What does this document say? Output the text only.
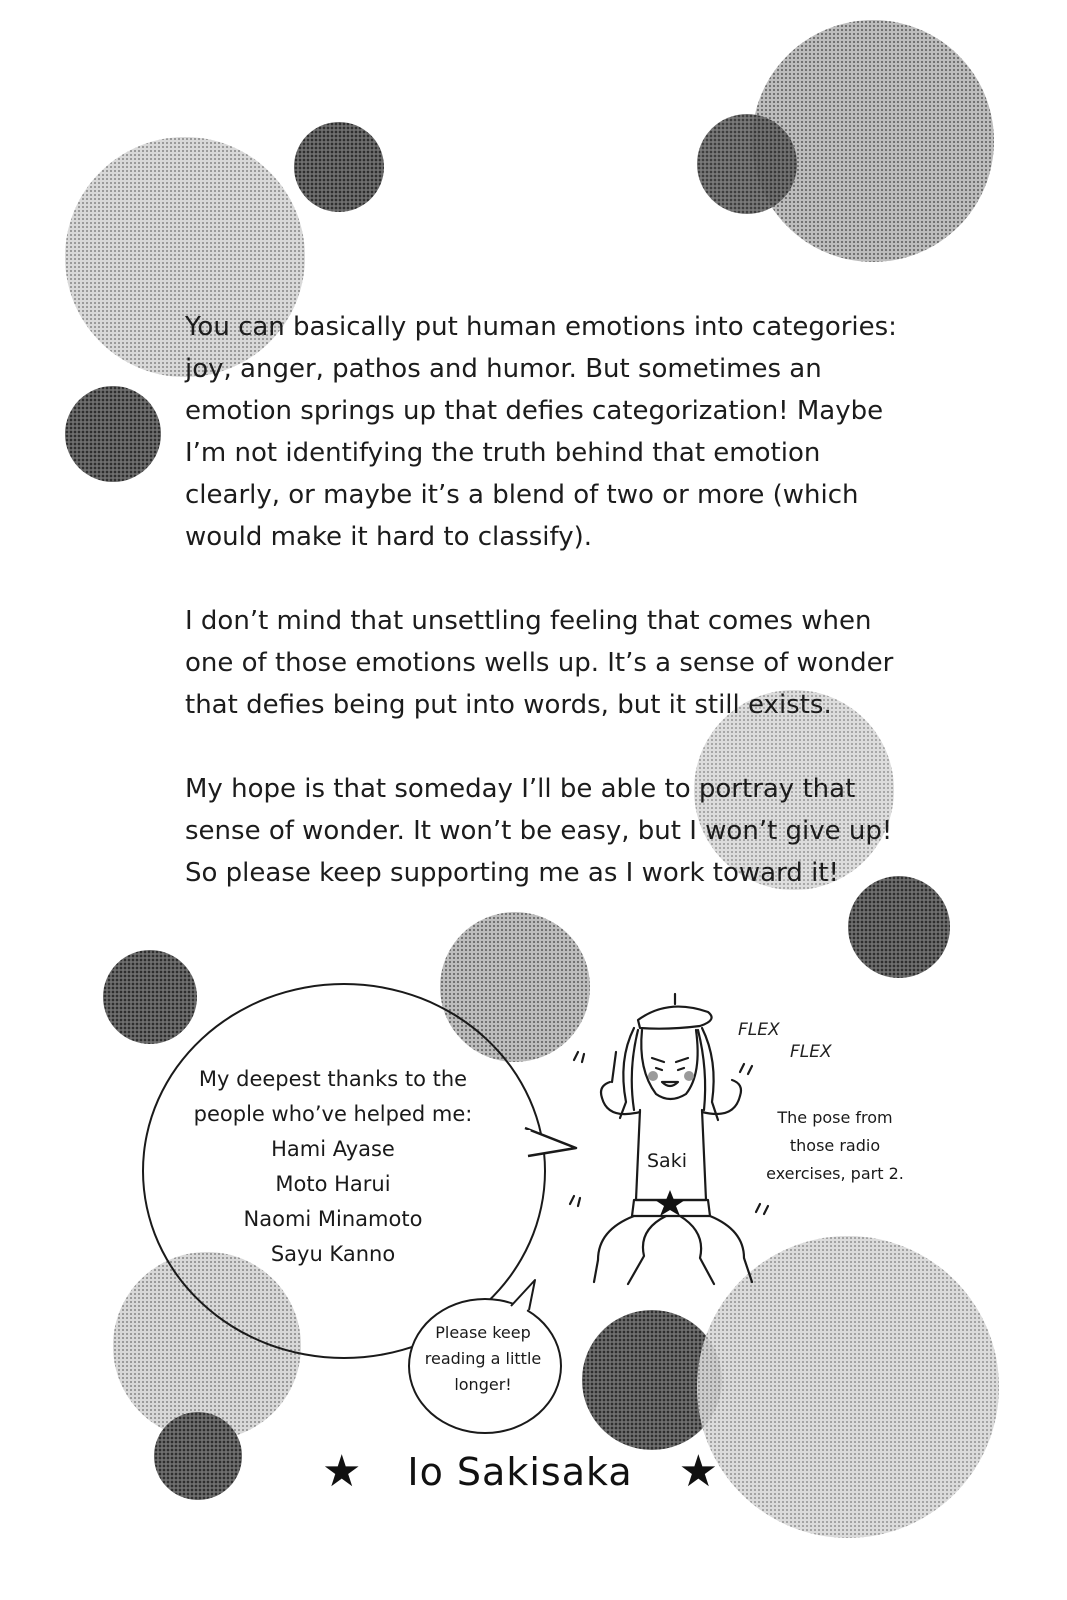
You can basically put human emotions into categories: joy, anger, pathos and humor. But sometimes an emotion springs up that defies categorization! Maybe I’m not identifying the truth behind that emotion clearly, or maybe it’s a blend of two or more (which would make it hard to classify).

I don’t mind that unsettling feeling that comes when one of those emotions wells up. It’s a sense of wonder that defies being put into words, but it still exists.

My hope is that someday I’ll be able to portray that sense of wonder. It won’t be easy, but I won’t give up! So please keep supporting me as I work toward it!

My deepest thanks to the
people who’ve helped me:
Hami Ayase
Moto Harui
Naomi Minamoto
Sayu Kanno
Please keep
reading a little
longer!
Saki
FLEX
FLEX
The pose from
those radio
exercises, part 2.
★ Io Sakisaka ★
